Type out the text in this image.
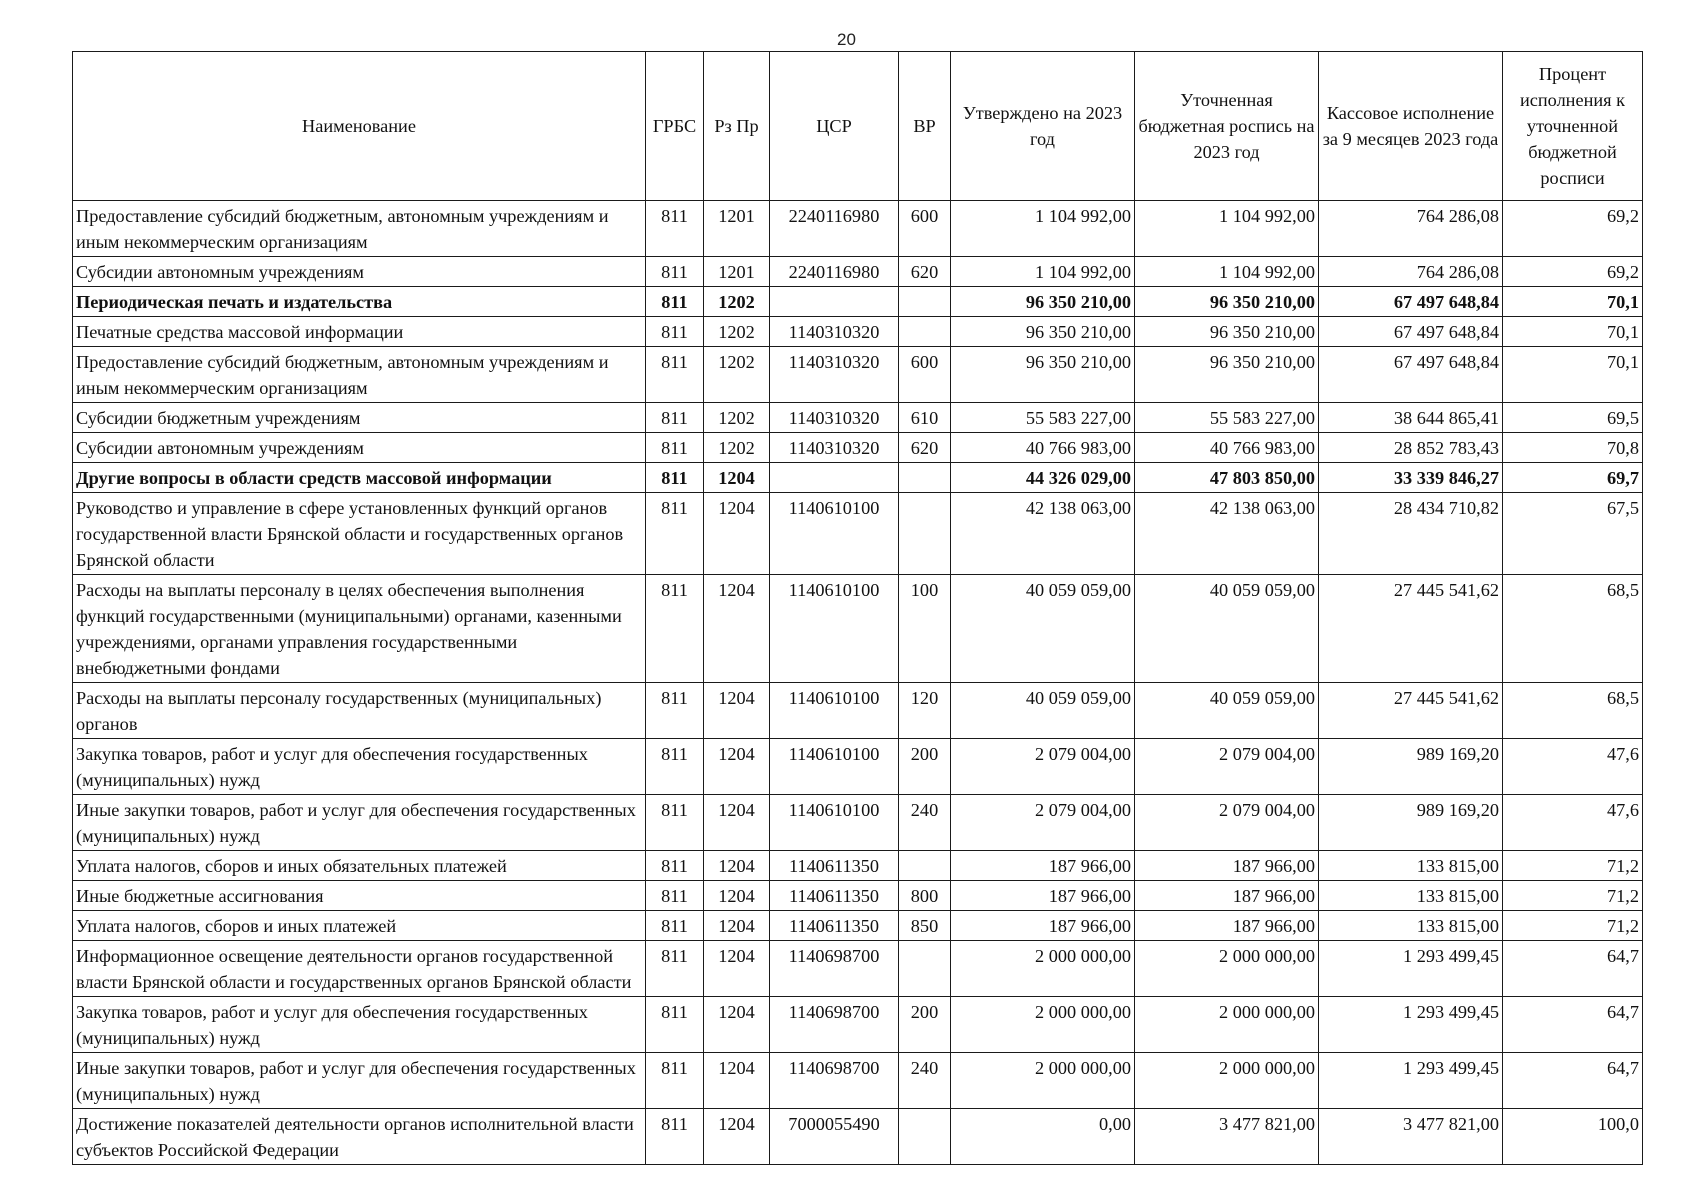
20
Наименование	ГРБС	Рз Пр	ЦСР	ВР	Утверждено на 2023 год	Уточненная бюджетная роспись на 2023 год	Кассовое исполнение за 9 месяцев 2023 года	Процент исполнения к уточненной бюджетной росписи
Предоставление субсидий бюджетным, автономным учреждениям и иным некоммерческим организациям	811	1201	2240116980	600	1 104 992,00	1 104 992,00	764 286,08	69,2
Субсидии автономным учреждениям	811	1201	2240116980	620	1 104 992,00	1 104 992,00	764 286,08	69,2
Периодическая печать и издательства	811	1202			96 350 210,00	96 350 210,00	67 497 648,84	70,1
Печатные средства массовой информации	811	1202	1140310320		96 350 210,00	96 350 210,00	67 497 648,84	70,1
Предоставление субсидий бюджетным, автономным учреждениям и иным некоммерческим организациям	811	1202	1140310320	600	96 350 210,00	96 350 210,00	67 497 648,84	70,1
Субсидии бюджетным учреждениям	811	1202	1140310320	610	55 583 227,00	55 583 227,00	38 644 865,41	69,5
Субсидии автономным учреждениям	811	1202	1140310320	620	40 766 983,00	40 766 983,00	28 852 783,43	70,8
Другие вопросы в области средств массовой информации	811	1204			44 326 029,00	47 803 850,00	33 339 846,27	69,7
Руководство и управление в сфере установленных функций органов государственной власти Брянской области и государственных органов Брянской области	811	1204	1140610100		42 138 063,00	42 138 063,00	28 434 710,82	67,5
Расходы на выплаты персоналу в целях обеспечения выполнения функций государственными (муниципальными) органами, казенными учреждениями, органами управления государственными внебюджетными фондами	811	1204	1140610100	100	40 059 059,00	40 059 059,00	27 445 541,62	68,5
Расходы на выплаты персоналу государственных (муниципальных) органов	811	1204	1140610100	120	40 059 059,00	40 059 059,00	27 445 541,62	68,5
Закупка товаров, работ и услуг для обеспечения государственных (муниципальных) нужд	811	1204	1140610100	200	2 079 004,00	2 079 004,00	989 169,20	47,6
Иные закупки товаров, работ и услуг для обеспечения государственных (муниципальных) нужд	811	1204	1140610100	240	2 079 004,00	2 079 004,00	989 169,20	47,6
Уплата налогов, сборов и иных обязательных платежей	811	1204	1140611350		187 966,00	187 966,00	133 815,00	71,2
Иные бюджетные ассигнования	811	1204	1140611350	800	187 966,00	187 966,00	133 815,00	71,2
Уплата налогов, сборов и иных платежей	811	1204	1140611350	850	187 966,00	187 966,00	133 815,00	71,2
Информационное освещение деятельности органов государственной власти Брянской области и государственных органов Брянской области	811	1204	1140698700		2 000 000,00	2 000 000,00	1 293 499,45	64,7
Закупка товаров, работ и услуг для обеспечения государственных (муниципальных) нужд	811	1204	1140698700	200	2 000 000,00	2 000 000,00	1 293 499,45	64,7
Иные закупки товаров, работ и услуг для обеспечения государственных (муниципальных) нужд	811	1204	1140698700	240	2 000 000,00	2 000 000,00	1 293 499,45	64,7
Достижение показателей деятельности органов исполнительной власти субъектов Российской Федерации	811	1204	7000055490		0,00	3 477 821,00	3 477 821,00	100,0
